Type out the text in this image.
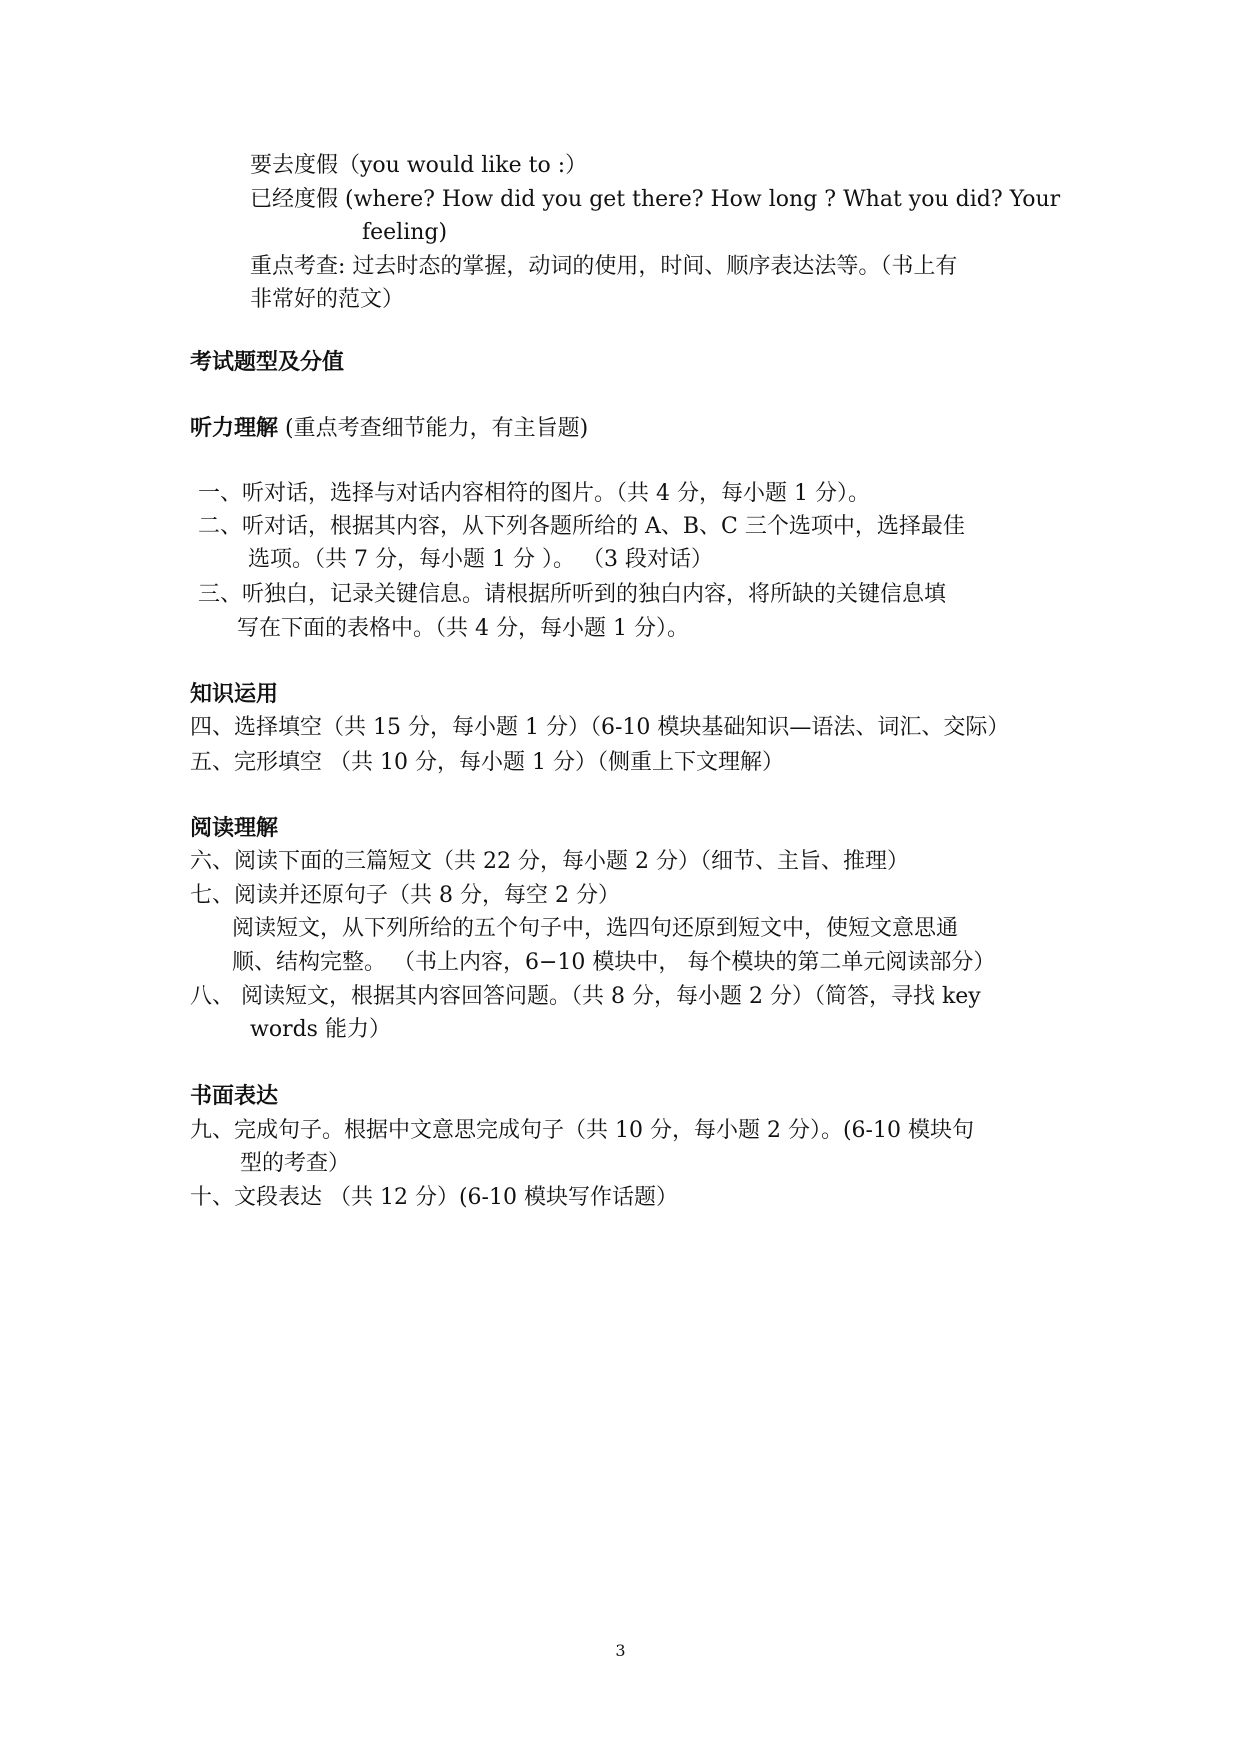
要去度假（you would like to :）
已经度假 (where? How did you get there? How long ? What you did? Your
feeling)
重点考查: 过去时态的掌握，动词的使用，时间、顺序表达法等。（书上有
非常好的范文）
考试题型及分值
听力理解 (重点考查细节能力，有主旨题)
一、听对话，选择与对话内容相符的图片。（共 4 分，每小题 1 分）。
二、听对话，根据其内容，从下列各题所给的 A、B、C 三个选项中，选择最佳
选项。（共 7 分，每小题 1 分 ）。 （3 段对话）
三、听独白，记录关键信息。请根据所听到的独白内容，将所缺的关键信息填
写在下面的表格中。（共 4 分，每小题 1 分）。
知识运用
四、选择填空（共 15 分，每小题 1 分）（6-10 模块基础知识—语法、词汇、交际）
五、完形填空 （共 10 分，每小题 1 分）（侧重上下文理解）
阅读理解
六、阅读下面的三篇短文（共 22 分，每小题 2 分）（细节、主旨、推理）
七、阅读并还原句子（共 8 分，每空 2 分）
阅读短文，从下列所给的五个句子中，选四句还原到短文中，使短文意思通
顺、结构完整。 （书上内容，6−10 模块中， 每个模块的第二单元阅读部分）
八、 阅读短文，根据其内容回答问题。（共 8 分，每小题 2 分）（简答，寻找 key
words 能力）
书面表达
九、完成句子。根据中文意思完成句子（共 10 分，每小题 2 分）。(6-10 模块句
型的考查）
十、文段表达 （共 12 分）(6-10 模块写作话题）
3
